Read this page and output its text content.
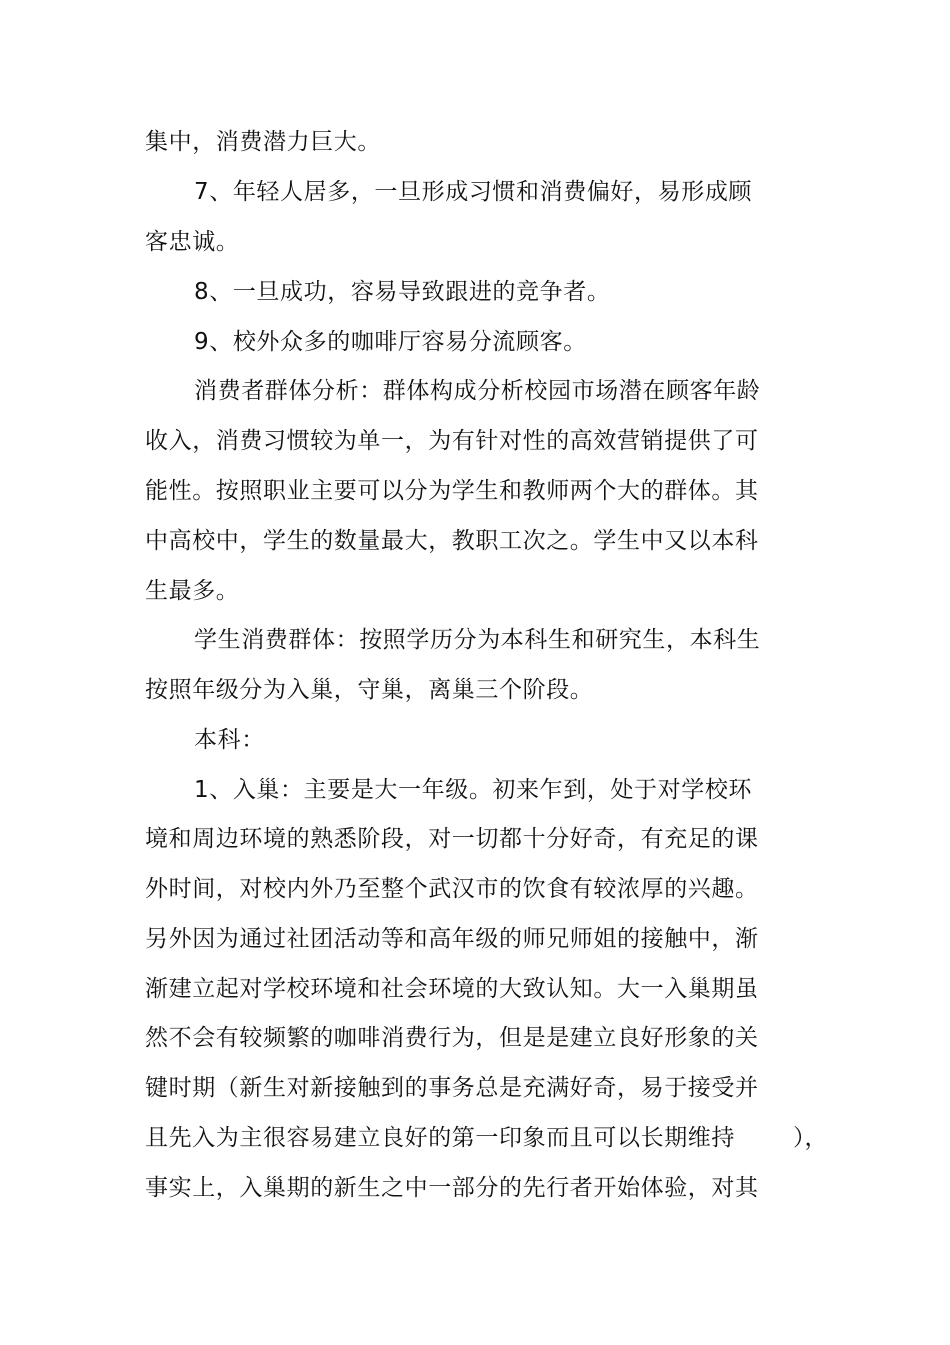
集中，消费潜力巨大。
7、年轻人居多，一旦形成习惯和消费偏好，易形成顾
客忠诚。
8、一旦成功，容易导致跟进的竞争者。
9、校外众多的咖啡厅容易分流顾客。
消费者群体分析：群体构成分析校园市场潜在顾客年龄
收入，消费习惯较为单一，为有针对性的高效营销提供了可
能性。按照职业主要可以分为学生和教师两个大的群体。其
中高校中，学生的数量最大，教职工次之。学生中又以本科
生最多。
学生消费群体：按照学历分为本科生和研究生，本科生
按照年级分为入巢，守巢，离巢三个阶段。
本科：
1、入巢：主要是大一年级。初来乍到，处于对学校环
境和周边环境的熟悉阶段，对一切都十分好奇，有充足的课
外时间，对校内外乃至整个武汉市的饮食有较浓厚的兴趣。
另外因为通过社团活动等和高年级的师兄师姐的接触中，渐
渐建立起对学校环境和社会环境的大致认知。大一入巢期虽
然不会有较频繁的咖啡消费行为，但是是建立良好形象的关
键时期（新生对新接触到的事务总是充满好奇，易于接受并
且先入为主很容易建立良好的第一印象而且可以长期维持	），
事实上，入巢期的新生之中一部分的先行者开始体验，对其
